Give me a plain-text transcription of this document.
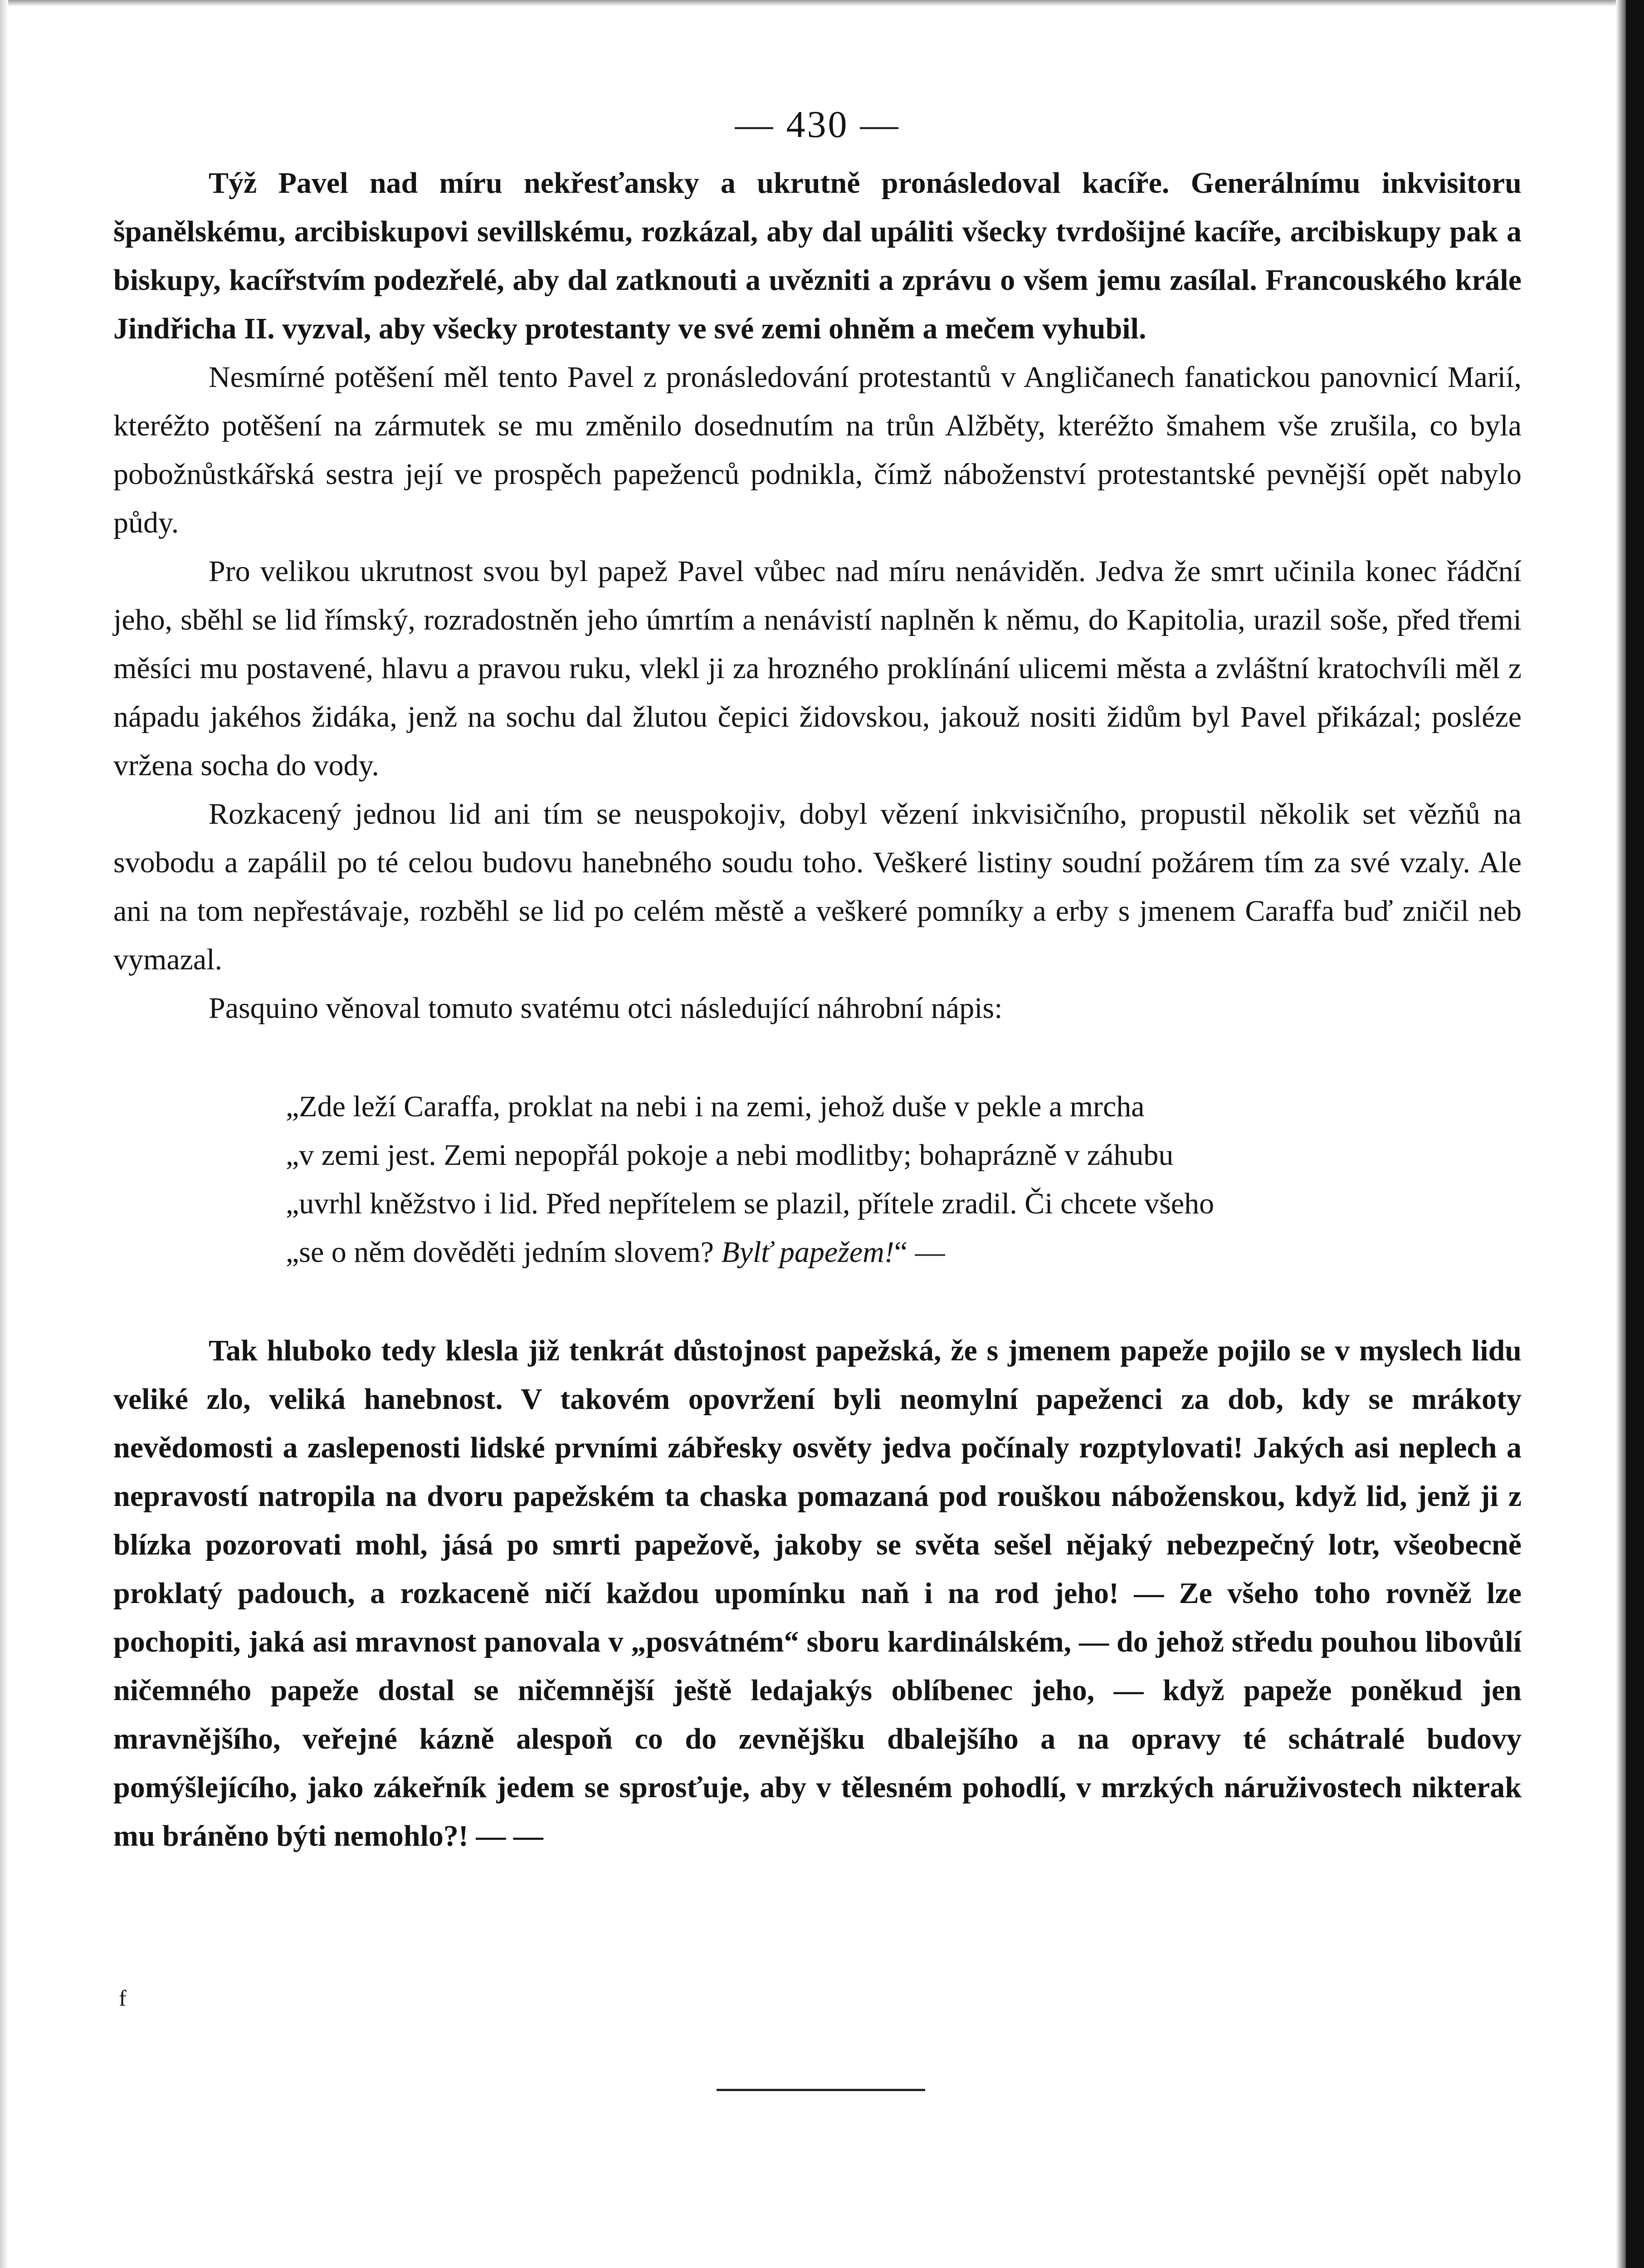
— 430 —

Týž Pavel nad míru nekřesťansky a ukrutně pronásledoval kacíře. Generálnímu inkvisitoru španělskému, arcibiskupovi sevillskému, rozkázal, aby dal upáliti všecky tvrdošijné kacíře, arcibiskupy pak a biskupy, kacířstvím podezřelé, aby dal zatknouti a uvězniti a zprávu o všem jemu zasílal. Francouského krále Jindřicha II. vyzval, aby všecky protestanty ve své zemi ohněm a mečem vyhubil.

Nesmírné potěšení měl tento Pavel z pronásledování protestantů v Angličanech fanatickou panovnicí Marií, kteréžto potěšení na zármutek se mu změnilo dosednutím na trůn Alžběty, kteréžto šmahem vše zrušila, co byla pobožnůstkářská sestra její ve prospěch papeženců podnikla, čímž náboženství protestantské pevnější opět nabylo půdy.

Pro velikou ukrutnost svou byl papež Pavel vůbec nad míru nenáviděn. Jedva že smrt učinila konec řádční jeho, sběhl se lid římský, rozradostněn jeho úmrtím a nenávistí naplněn k němu, do Kapitolia, urazil soše, před třemi měsíci mu postavené, hlavu a pravou ruku, vlekl ji za hrozného proklínání ulicemi města a zvláštní kratochvíli měl z nápadu jakéhos židáka, jenž na sochu dal žlutou čepici židovskou, jakouž nositi židům byl Pavel přikázal; posléze vržena socha do vody.

Rozkacený jednou lid ani tím se neuspokojiv, dobyl vězení inkvisičního, propustil několik set vězňů na svobodu a zapálil po té celou budovu hanebného soudu toho. Veškeré listiny soudní požárem tím za své vzaly. Ale ani na tom nepřestávaje, rozběhl se lid po celém městě a veškeré pomníky a erby s jmenem Caraffa buď zničil neb vymazal.

Pasquino věnoval tomuto svatému otci následující náhrobní nápis:

„Zde leží Caraffa, proklat na nebi i na zemi, jehož duše v pekle a mrcha

„v zemi jest. Zemi nepopřál pokoje a nebi modlitby; bohaprázně v záhubu

„uvrhl kněžstvo i lid. Před nepřítelem se plazil, přítele zradil. Či chcete všeho

„se o něm dověděti jedním slovem? Bylť papežem!“ —

Tak hluboko tedy klesla již tenkrát důstojnost papežská, že s jmenem papeže pojilo se v myslech lidu veliké zlo, veliká hanebnost. V takovém opovržení byli neomylní papeženci za dob, kdy se mrákoty nevědomosti a zaslepenosti lidské prvními zábřesky osvěty jedva počínaly rozptylovati! Jakých asi neplech a nepravostí natropila na dvoru papežském ta chaska pomazaná pod rouškou náboženskou, když lid, jenž ji z blízka pozorovati mohl, jásá po smrti papežově, jakoby se světa sešel nějaký nebezpečný lotr, všeobecně proklatý padouch, a rozkaceně ničí každou upomínku naň i na rod jeho! — Ze všeho toho rovněž lze pochopiti, jaká asi mravnost panovala v „posvátném“ sboru kardinálském, — do jehož středu pouhou libovůlí ničemného papeže dostal se ničemnější ještě ledajakýs oblíbenec jeho, — když papeže poněkud jen mravnějšího, veřejné kázně alespoň co do zevnějšku dbalejšího a na opravy té schátralé budovy pomýšlejícího, jako zákeřník jedem se sprosťuje, aby v tělesném pohodlí, v mrzkých náruživostech nikterak mu bráněno býti nemohlo?! — —

f
